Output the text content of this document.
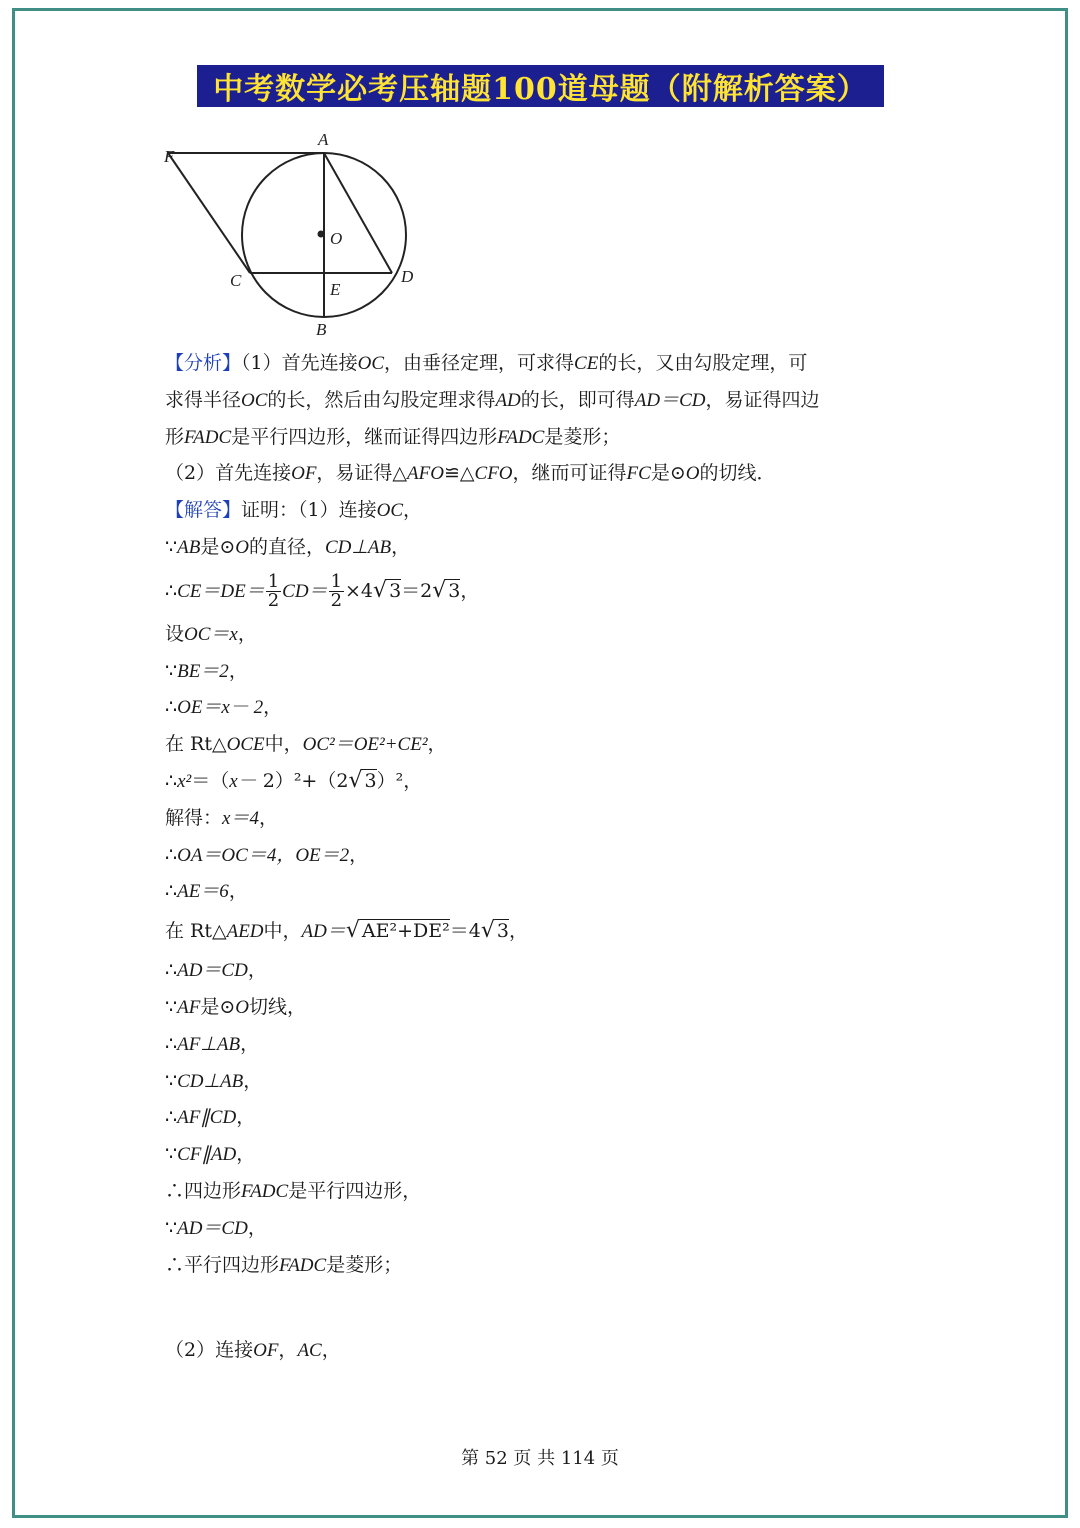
中考数学必考压轴题100道母题（附解析答案）
F
A
O
C	E
D
B
【分析】（1）首先连接OC，由垂径定理，可求得CE的长，又由勾股定理，可
求得半径OC的长，然后由勾股定理求得AD的长，即可得AD＝CD，易证得四边
形FADC是平行四边形，继而证得四边形FADC是菱形；
（2）首先连接OF，易证得△AFO≌△CFO，继而可证得FC是⊙O的切线．
【解答】证明：（1）连接OC，
∵AB是⊙O的直径，CD⊥AB，
∴CE＝DE＝ $\frac{1}{2} CD= \frac{1}{2} \times 4√$ 3＝2√ 3，
设OC＝x，
∵BE＝2，
∴OE＝x－ 2，
在 Rt△OCE中，OC²＝OE²+CE²，
∴x²＝（x－ 2）²+（2√ 3）²，
解得：x＝4，
∴OA＝OC＝4，OE＝2，
∴AE＝6，
在 Rt△AED中，AD＝√ AE²+DE²＝4√ 3，
∴AD＝CD，
∵AF是⊙O切线，
∴AF⊥AB，
∵CD⊥AB，
∴AF∥CD，
∵CF∥AD，
∴四边形FADC是平行四边形，
∵AD＝CD，
∴平行四边形FADC是菱形；
（2）连接OF，AC，
第 52 页 共 114 页
